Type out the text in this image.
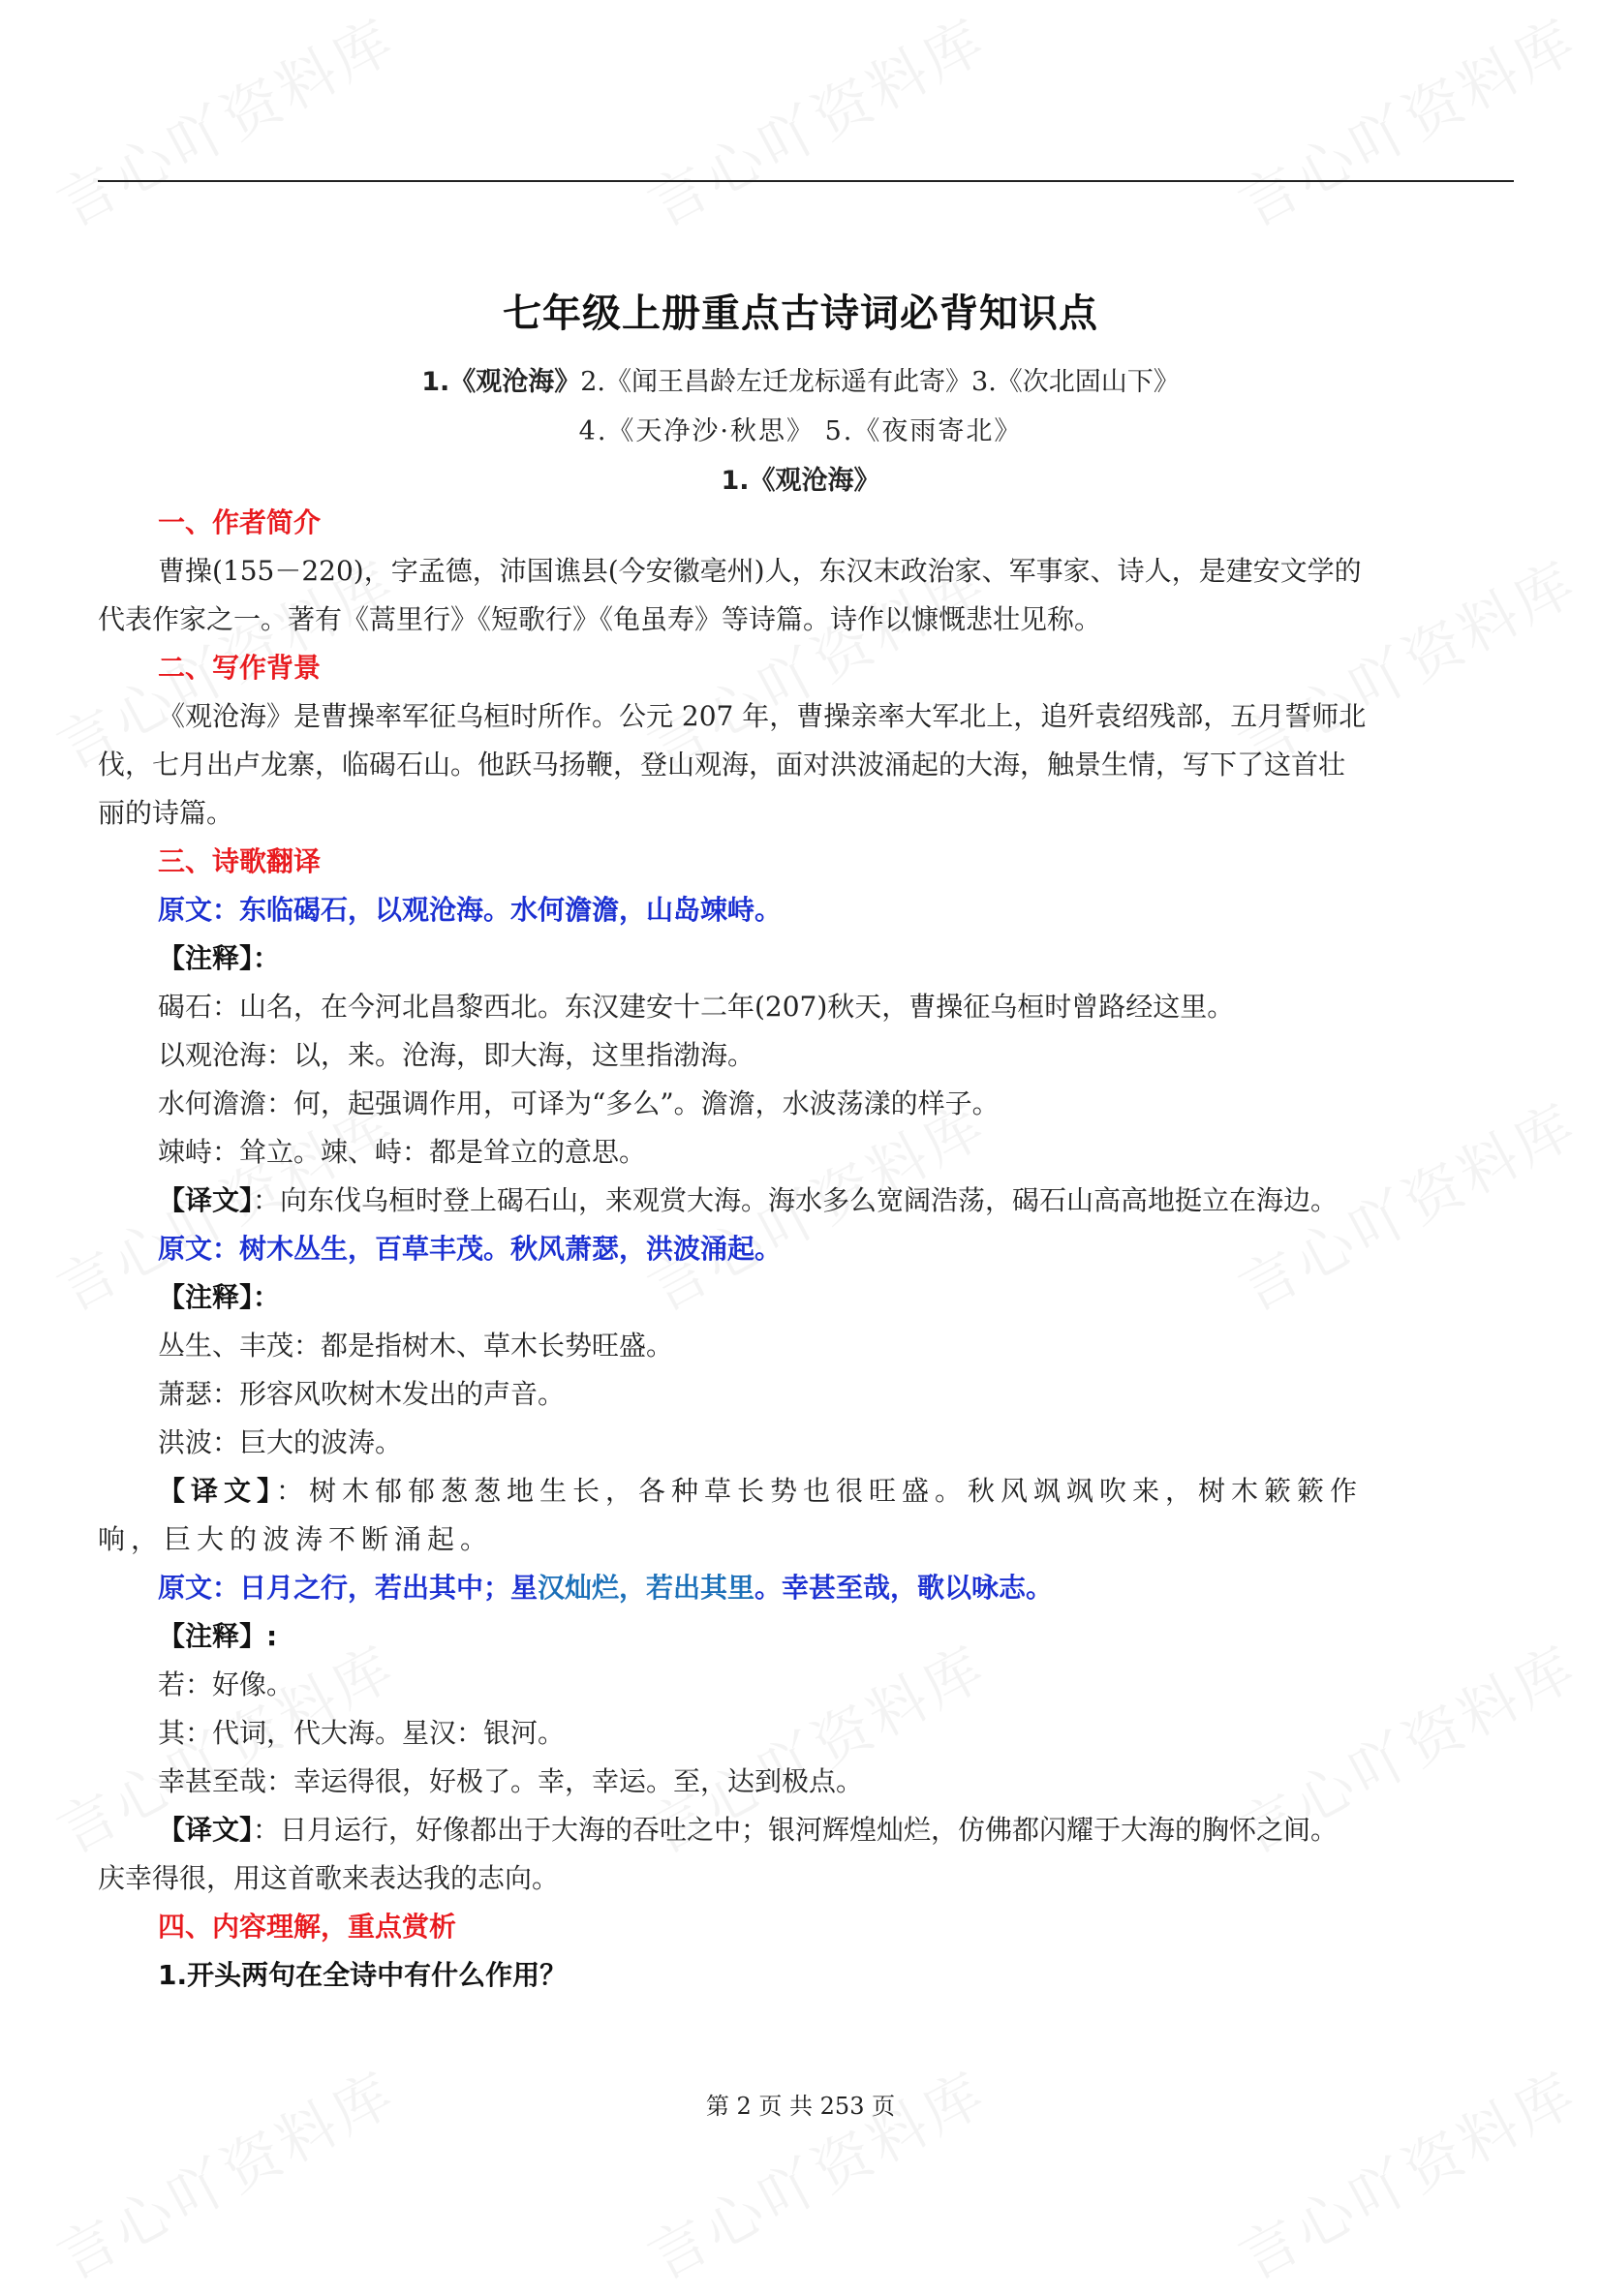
七年级上册重点古诗词必背知识点
1.《观沧海》2.《闻王昌龄左迁龙标遥有此寄》3.《次北固山下》
4.《天净沙·秋思》 5.《夜雨寄北》
1.《观沧海》
一、作者简介
曹操(155－220)，字孟德，沛国谯县(今安徽亳州)人，东汉末政治家、军事家、诗人，是建安文学的
代表作家之一。著有《蒿里行》《短歌行》《龟虽寿》等诗篇。诗作以慷慨悲壮见称。
二、写作背景
《观沧海》是曹操率军征乌桓时所作。公元 207 年，曹操亲率大军北上，追歼袁绍残部，五月誓师北
伐，七月出卢龙寨，临碣石山。他跃马扬鞭，登山观海，面对洪波涌起的大海，触景生情，写下了这首壮
丽的诗篇。
三、诗歌翻译
原文：东临碣石，以观沧海。水何澹澹，山岛竦峙。
【注释】：
碣石：山名，在今河北昌黎西北。东汉建安十二年(207)秋天，曹操征乌桓时曾路经这里。
以观沧海：以，来。沧海，即大海，这里指渤海。
水何澹澹：何，起强调作用，可译为“多么”。澹澹，水波荡漾的样子。
竦峙：耸立。竦、峙：都是耸立的意思。
【译文】：向东伐乌桓时登上碣石山，来观赏大海。海水多么宽阔浩荡，碣石山高高地挺立在海边。
原文：树木丛生，百草丰茂。秋风萧瑟，洪波涌起。
【注释】：
丛生、丰茂：都是指树木、草木长势旺盛。
萧瑟：形容风吹树木发出的声音。
洪波：巨大的波涛。
【译文】：树木郁郁葱葱地生长，各种草长势也很旺盛。秋风飒飒吹来，树木簌簌作
响，巨大的波涛不断涌起。
原文：日月之行，若出其中；星汉灿烂，若出其里。幸甚至哉，歌以咏志。
【注释】:
若：好像。
其：代词，代大海。星汉：银河。
幸甚至哉：幸运得很，好极了。幸，幸运。至，达到极点。
【译文】：日月运行，好像都出于大海的吞吐之中；银河辉煌灿烂，仿佛都闪耀于大海的胸怀之间。
庆幸得很，用这首歌来表达我的志向。
四、内容理解，重点赏析
1.开头两句在全诗中有什么作用？
第 2 页 共 253 页
